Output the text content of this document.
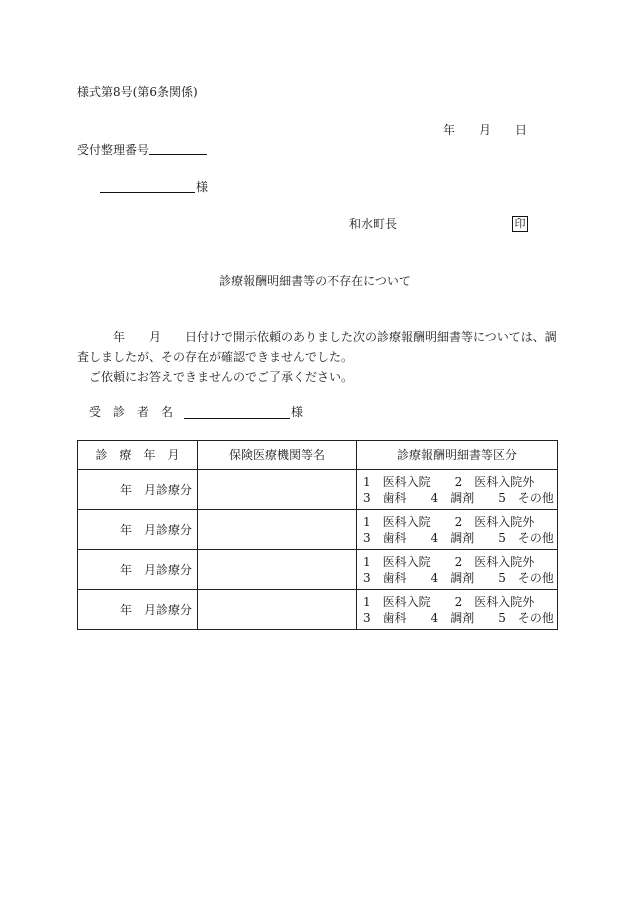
様式第8号(第6条関係)
年　　月　　日
受付整理番号
様
和水町長	印
診療報酬明細書等の不存在について
年　　月　　日付けで開示依頼のありました次の診療報酬明細書等については、調
査しましたが、その存在が確認できませんでした。
ご依頼にお答えできませんのでご了承ください。
受　診　者　名	様
診　療　年　月	保険医療機関等名	診療報酬明細書等区分
年　月診療分		1　医科入院　　2　医科入院外
3　歯科　　4　調剤　　5　その他

年　月診療分		1　医科入院　　2　医科入院外
3　歯科　　4　調剤　　5　その他

年　月診療分		1　医科入院　　2　医科入院外
3　歯科　　4　調剤　　5　その他

年　月診療分		1　医科入院　　2　医科入院外
3　歯科　　4　調剤　　5　その他
